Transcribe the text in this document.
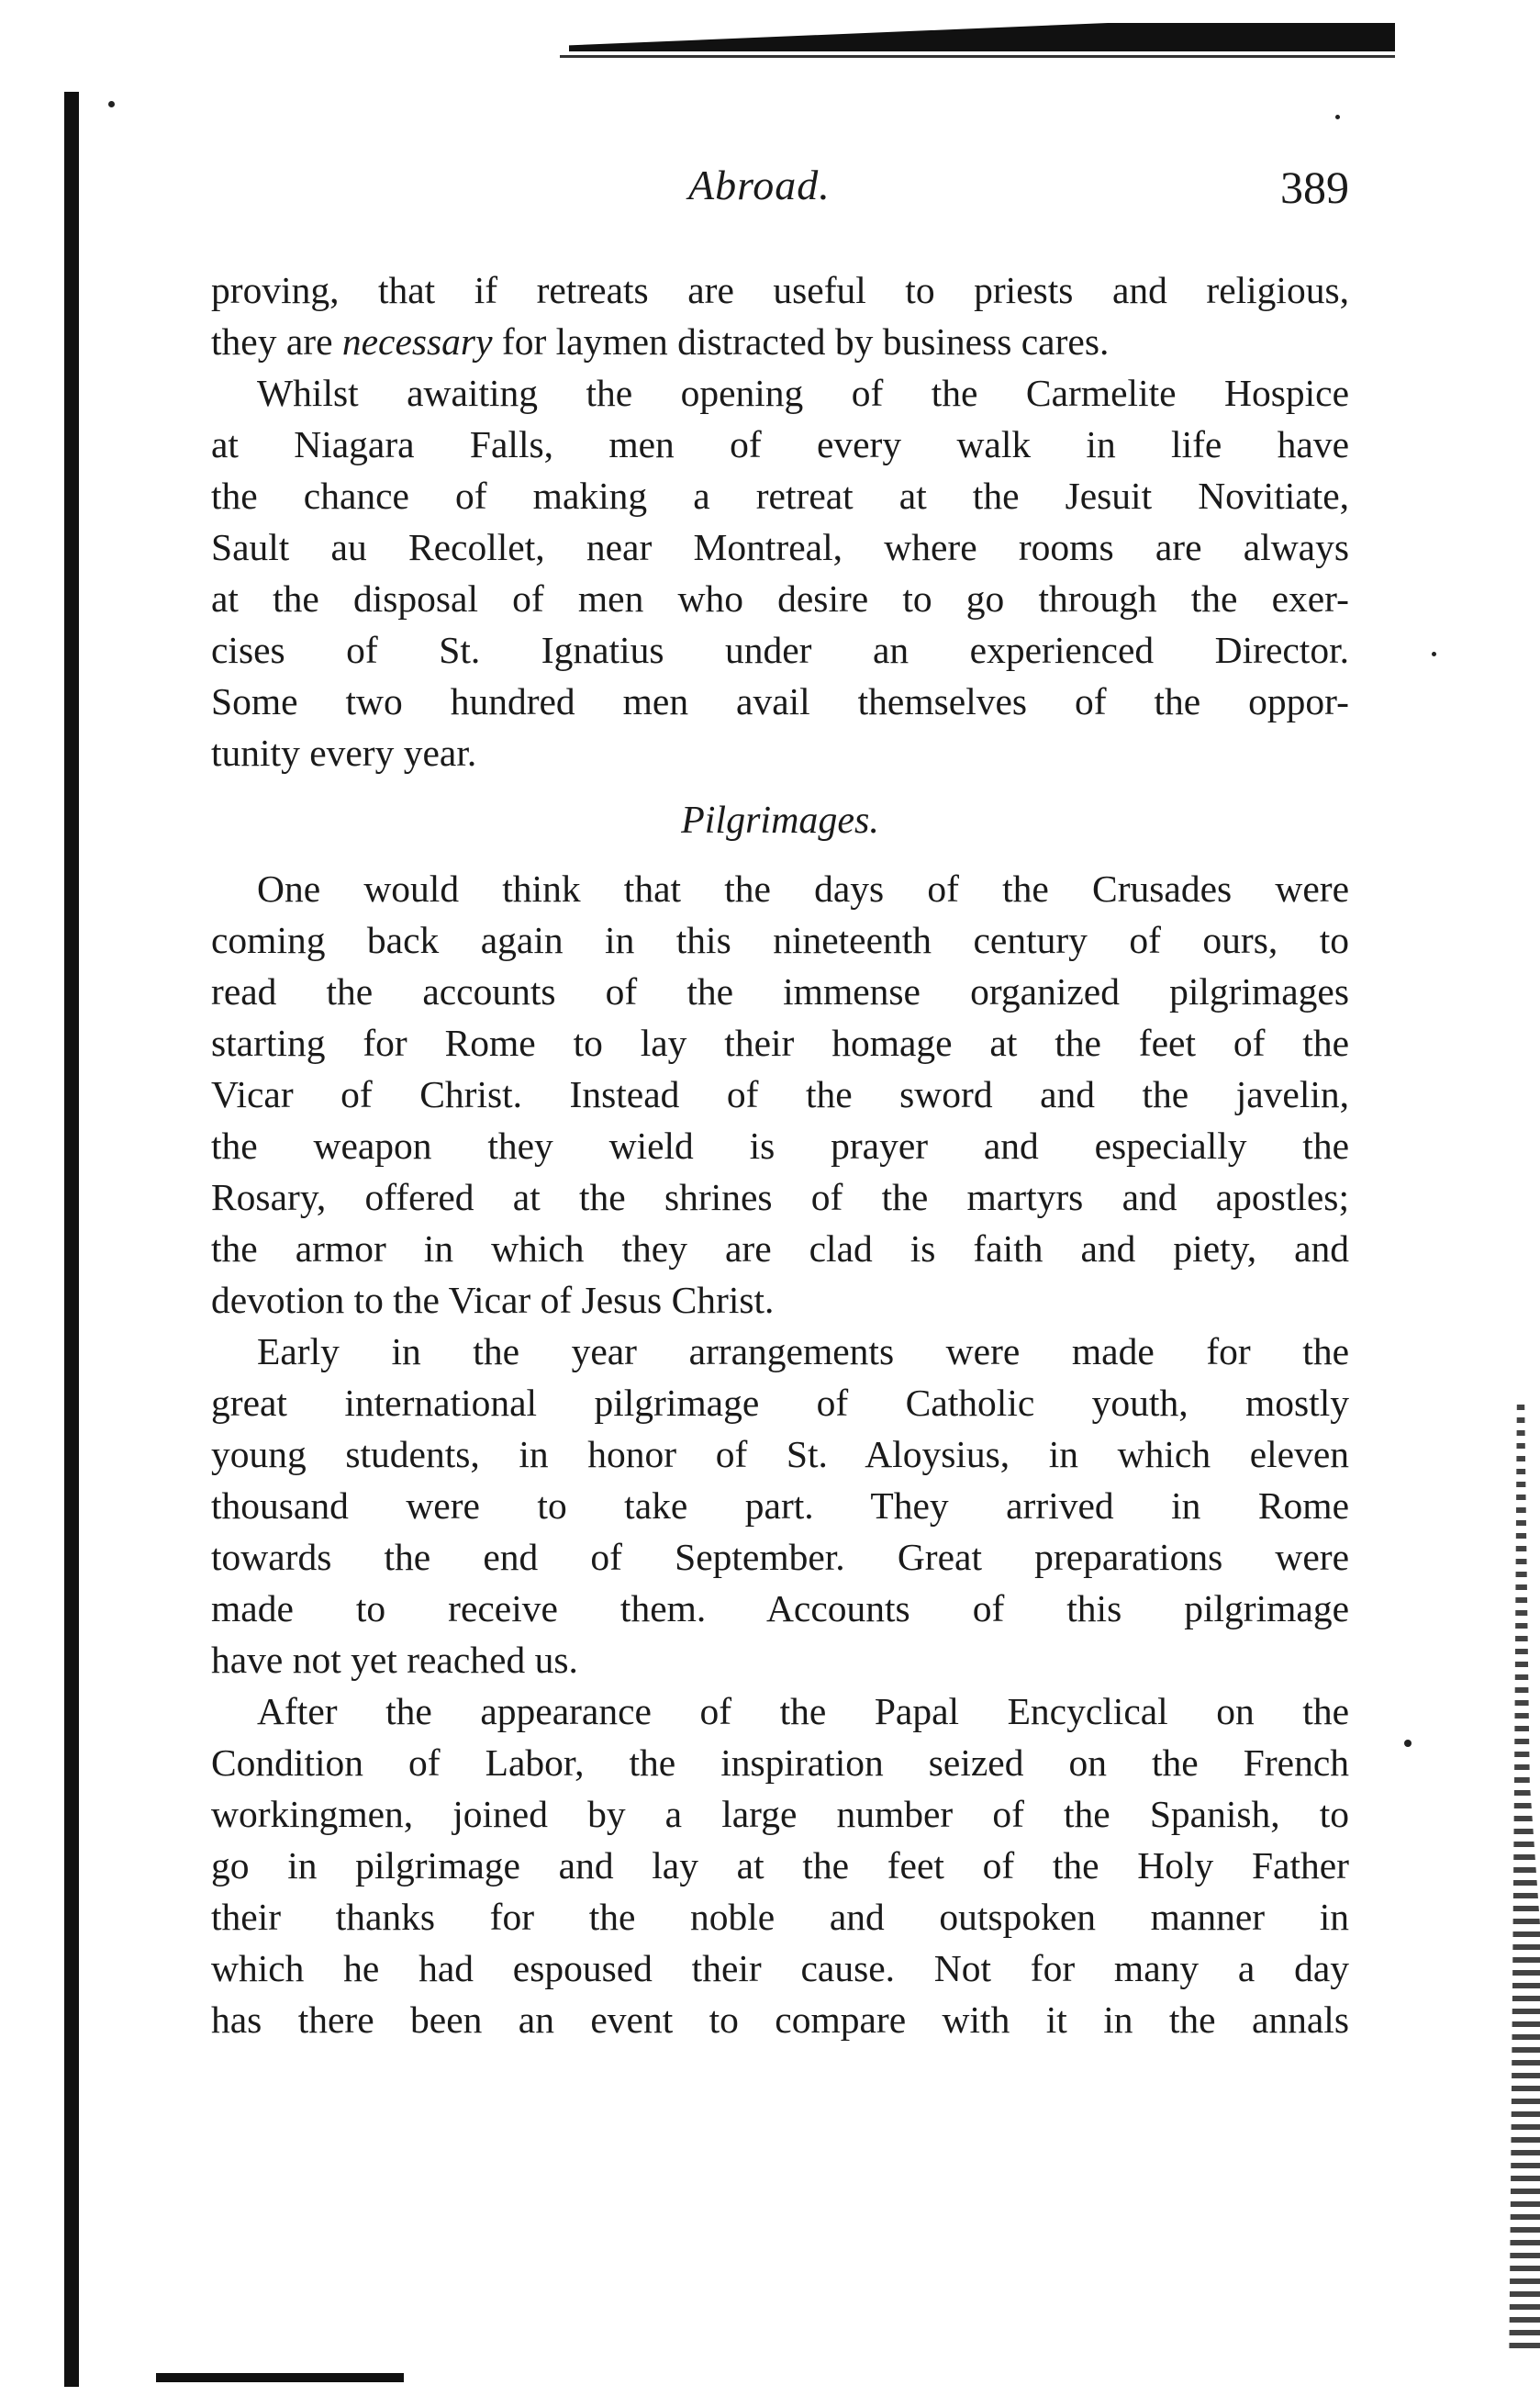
Abroad.	389

proving, that if retreats are useful to priests and religious,
they are necessary for laymen distracted by business cares.

Whilst awaiting the opening of the Carmelite Hospice
at Niagara Falls, men of every walk in life have
the chance of making a retreat at the Jesuit Novitiate,
Sault au Recollet, near Montreal, where rooms are always
at the disposal of men who desire to go through the exer-
cises of St. Ignatius under an experienced Director.
Some two hundred men avail themselves of the oppor-
tunity every year.

Pilgrimages.

One would think that the days of the Crusades were
coming back again in this nineteenth century of ours, to
read the accounts of the immense organized pilgrimages
starting for Rome to lay their homage at the feet of the
Vicar of Christ. Instead of the sword and the javelin,
the weapon they wield is prayer and especially the
Rosary, offered at the shrines of the martyrs and apostles;
the armor in which they are clad is faith and piety, and
devotion to the Vicar of Jesus Christ.

Early in the year arrangements were made for the
great international pilgrimage of Catholic youth, mostly
young students, in honor of St. Aloysius, in which eleven
thousand were to take part. They arrived in Rome
towards the end of September. Great preparations were
made to receive them. Accounts of this pilgrimage
have not yet reached us.

After the appearance of the Papal Encyclical on the
Condition of Labor, the inspiration seized on the French
workingmen, joined by a large number of the Spanish, to
go in pilgrimage and lay at the feet of the Holy Father
their thanks for the noble and outspoken manner in
which he had espoused their cause. Not for many a day
has there been an event to compare with it in the annals
